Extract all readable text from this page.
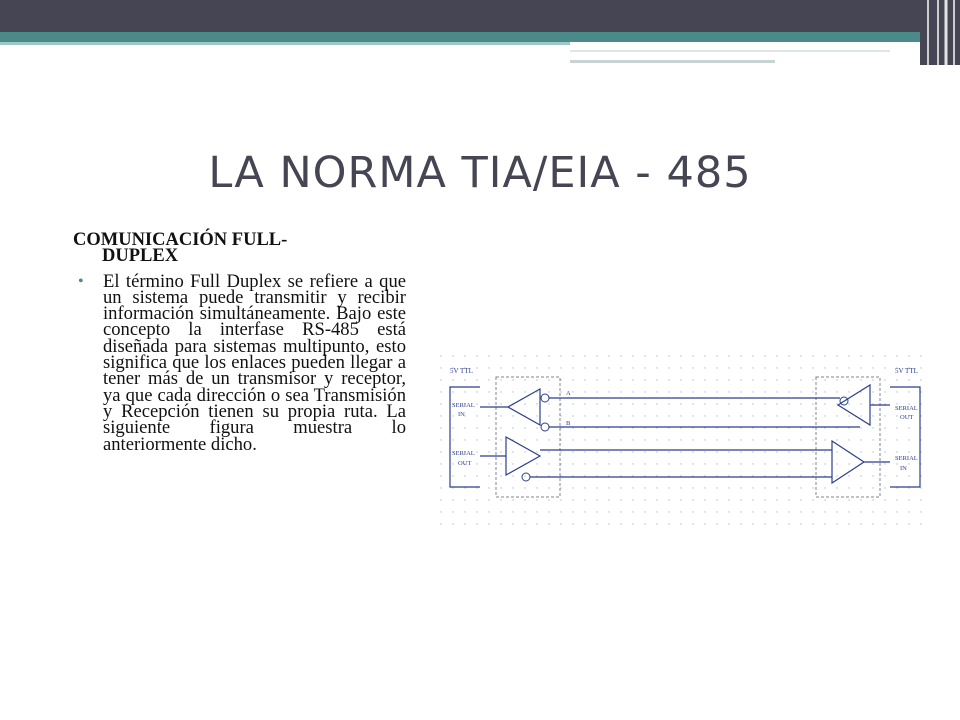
LA NORMA TIA/EIA - 485

COMUNICACIÓN FULL-
DUPLEX

• El término Full Duplex se refiere a que un sistema puede transmitir y recibir información simultáneamente. Bajo este concepto la interfase RS-485 está diseñada para sistemas multipunto, esto significa que los enlaces pueden llegar a tener más de un transmisor y receptor, ya que cada dirección o sea Transmisión y Recepción tienen su propia ruta. La siguiente figura muestra lo anteriormente dicho.
5V TTL	5V TTL
SERIAL
IN
SERIAL
OUT
SERIAL
OUT
SERIAL
IN
A
B
